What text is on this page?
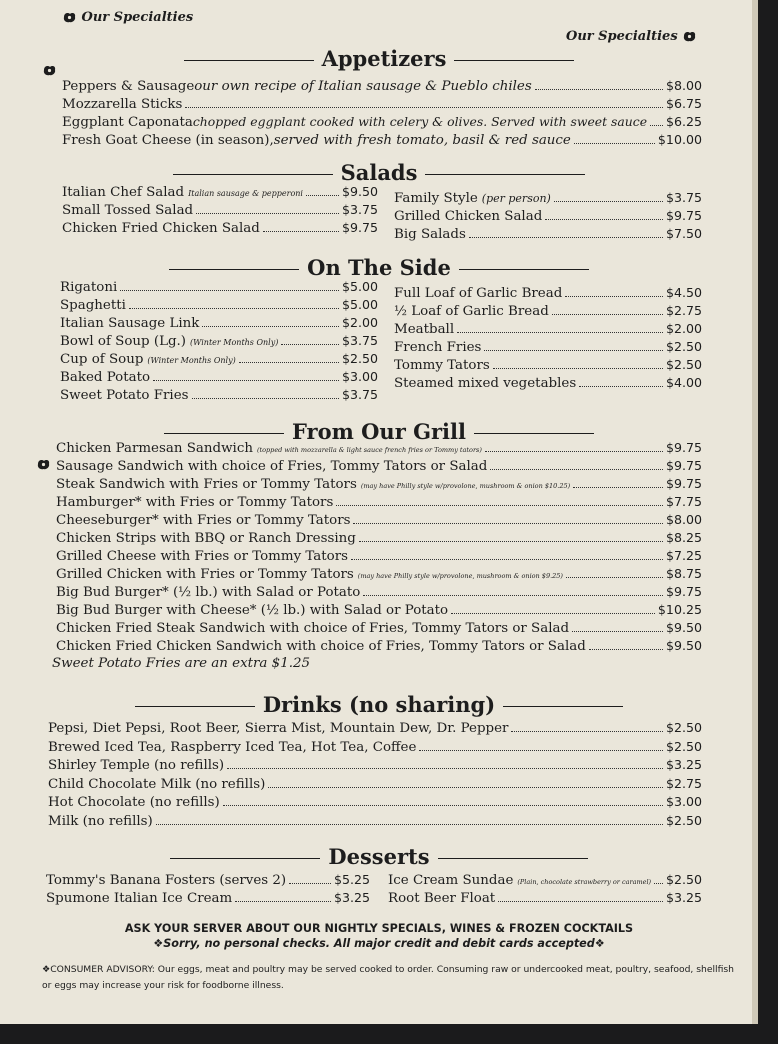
Our Specialties
Our Specialties
Appetizers
Peppers & Sausage our own recipe of Italian sausage & Pueblo chiles	$8.00
Mozzarella Sticks	$6.75
Eggplant Caponata chopped eggplant cooked with celery & olives. Served with sweet sauce $6.25
Fresh Goat Cheese (in season), served with fresh tomato, basil & red sauce	$10.00
Salads
Italian Chef Salad Italian sausage & pepperoni	$9.50
Small Tossed Salad	$3.75
Chicken Fried Chicken Salad	$9.75
Family Style (per person)	$3.75
Grilled Chicken Salad	$9.75
Big Salads	$7.50
On The Side
Rigatoni	$5.00
Spaghetti	$5.00
Italian Sausage Link	$2.00
Bowl of Soup (Lg.) (Winter Months Only)	$3.75
Cup of Soup (Winter Months Only)	$2.50
Baked Potato	$3.00
Sweet Potato Fries	$3.75
Full Loaf of Garlic Bread	$4.50
½ Loaf of Garlic Bread	$2.75
Meatball	$2.00
French Fries	$2.50
Tommy Tators	$2.50
Steamed mixed vegetables	$4.00
From Our Grill
Chicken Parmesan Sandwich (topped with mozzarella & light sauce french fries or Tommy tators)	$9.75
Sausage Sandwich with choice of Fries, Tommy Tators or Salad	$9.75
Steak Sandwich with Fries or Tommy Tators (may have Philly style w/provolone, mushroom & onion $10.25)	$9.75
Hamburger* with Fries or Tommy Tators	$7.75
Cheeseburger* with Fries or Tommy Tators	$8.00
Chicken Strips with BBQ or Ranch Dressing	$8.25
Grilled Cheese with Fries or Tommy Tators	$7.25
Grilled Chicken with Fries or Tommy Tators (may have Philly style w/provolone, mushroom & onion $9.25)	$8.75
Big Bud Burger* (½ lb.) with Salad or Potato	$9.75
Big Bud Burger with Cheese* (½ lb.) with Salad or Potato	$10.25
Chicken Fried Steak Sandwich with choice of Fries, Tommy Tators or Salad	$9.50
Chicken Fried Chicken Sandwich with choice of Fries, Tommy Tators or Salad	$9.50
Sweet Potato Fries are an extra $1.25
Drinks (no sharing)
Pepsi, Diet Pepsi, Root Beer, Sierra Mist, Mountain Dew, Dr. Pepper	$2.50
Brewed Iced Tea, Raspberry Iced Tea, Hot Tea, Coffee	$2.50
Shirley Temple (no refills)	$3.25
Child Chocolate Milk (no refills)	$2.75
Hot Chocolate (no refills)	$3.00
Milk (no refills)	$2.50
Desserts
Tommy's Banana Fosters (serves 2)	$5.25
Spumone Italian Ice Cream	$3.25
Ice Cream Sundae (Plain, chocolate strawberry or caramel) $2.50
Root Beer Float	$3.25
ASK YOUR SERVER ABOUT OUR NIGHTLY SPECIALS, WINES & FROZEN COCKTAILS
❖Sorry, no personal checks. All major credit and debit cards accepted❖
❖CONSUMER ADVISORY: Our eggs, meat and poultry may be served cooked to order. Consuming raw or undercooked meat, poultry, seafood, shellfish or eggs may increase your risk for foodborne illness.
